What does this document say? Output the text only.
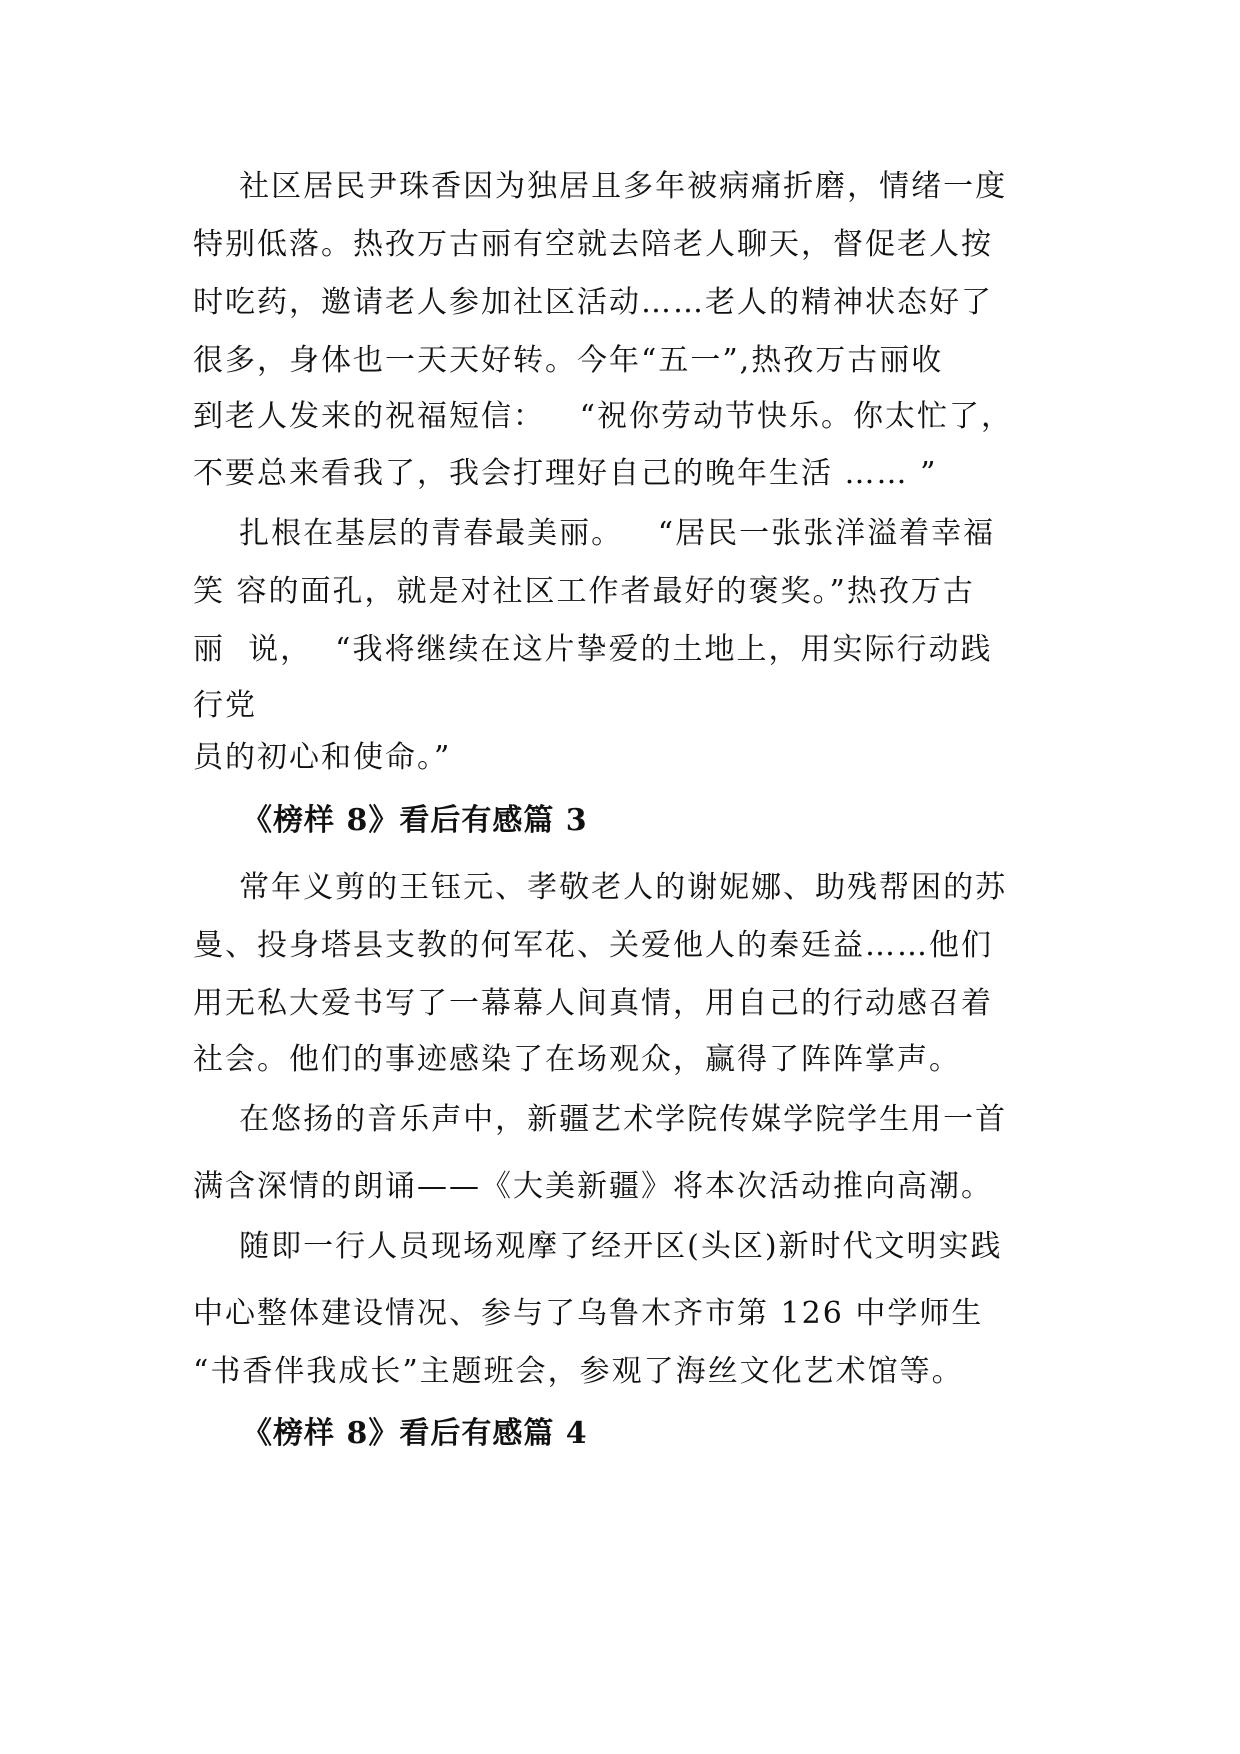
社区居民尹珠香因为独居且多年被病痛折磨，情绪一度
特别低落。热孜万古丽有空就去陪老人聊天，督促老人按
时吃药，邀请老人参加社区活动……老人的精神状态好了
很多，身体也一天天好转。今年“五一”,热孜万古丽收
到老人发来的祝福短信：   “祝你劳动节快乐。你太忙了，
不要总来看我了，我会打理好自己的晚年生活 …… ”
扎根在基层的青春最美丽。   “居民一张张洋溢着幸福
笑 容的面孔，就是对社区工作者最好的褒奖。”热孜万古
丽  说，  “我将继续在这片挚爱的土地上，用实际行动践
行党
员的初心和使命。”
《榜样 8》看后有感篇 3
常年义剪的王钰元、孝敬老人的谢妮娜、助残帮困的苏
曼、投身塔县支教的何军花、关爱他人的秦廷益……他们
用无私大爱书写了一幕幕人间真情，用自己的行动感召着
社会。他们的事迹感染了在场观众，赢得了阵阵掌声。
在悠扬的音乐声中，新疆艺术学院传媒学院学生用一首
满含深情的朗诵——《大美新疆》将本次活动推向高潮。
随即一行人员现场观摩了经开区(头区)新时代文明实践
中心整体建设情况、参与了乌鲁木齐市第 126 中学师生
“书香伴我成长”主题班会，参观了海丝文化艺术馆等。
《榜样 8》看后有感篇 4
